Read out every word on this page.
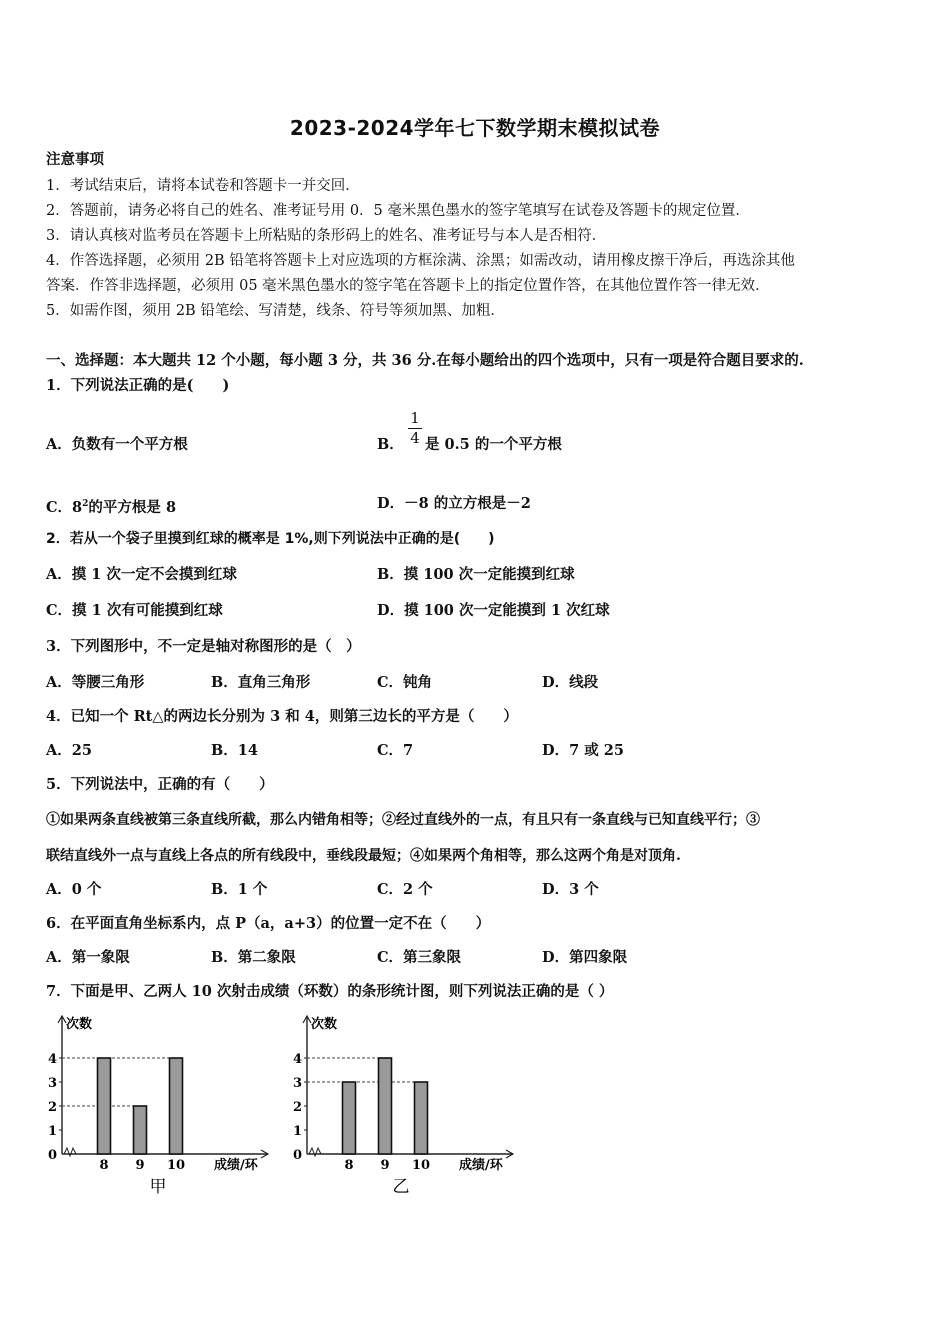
2023-2024学年七下数学期末模拟试卷
注意事项
1．考试结束后，请将本试卷和答题卡一并交回．
2．答题前，请务必将自己的姓名、准考证号用 0．5 毫米黑色墨水的签字笔填写在试卷及答题卡的规定位置．
3．请认真核对监考员在答题卡上所粘贴的条形码上的姓名、准考证号与本人是否相符．
4．作答选择题，必须用 2B 铅笔将答题卡上对应选项的方框涂满、涂黑；如需改动，请用橡皮擦干净后，再选涂其他
答案．作答非选择题，必须用 05 毫米黑色墨水的签字笔在答题卡上的指定位置作答，在其他位置作答一律无效．
5．如需作图，须用 2B 铅笔绘、写清楚，线条、符号等须加黑、加粗．
一、选择题：本大题共 12 个小题，每小题 3 分，共 36 分.在每小题给出的四个选项中，只有一项是符合题目要求的.
1．下列说法正确的是(　　)
A．负数有一个平方根	B．
1
4 是 0.5 的一个平方根
C．$8^2$的平方根是 8	D．－8 的立方根是－2
2．若从一个袋子里摸到红球的概率是 1%,则下列说法中正确的是(　　)
A．摸 1 次一定不会摸到红球	B．摸 100 次一定能摸到红球
C．摸 1 次有可能摸到红球	D．摸 100 次一定能摸到 1 次红球
3．下列图形中，不一定是轴对称图形的是（　）
A．等腰三角形	B．直角三角形	C．钝角	D．线段
4．已知一个 Rt△的两边长分别为 3 和 4，则第三边长的平方是（　　）
A．25	B．14	C．7	D．7 或 25
5．下列说法中，正确的有（　　）
①如果两条直线被第三条直线所截，那么内错角相等；②经过直线外的一点，有且只有一条直线与已知直线平行；③
联结直线外一点与直线上各点的所有线段中，垂线段最短；④如果两个角相等，那么这两个角是对顶角.
A．0 个	B．1 个	C．2 个	D．3 个
6．在平面直角坐标系内，点 P（a，a+3）的位置一定不在（　　）
A．第一象限	B．第二象限	C．第三象限	D．第四象限
7．下面是甲、乙两人 10 次射击成绩（环数）的条形统计图，则下列说法正确的是（ ）
次数
0
1
2
3
4
8 9 10 成绩/环
甲
次数
0
1
2
3
4
8 9 10 成绩/环
乙
